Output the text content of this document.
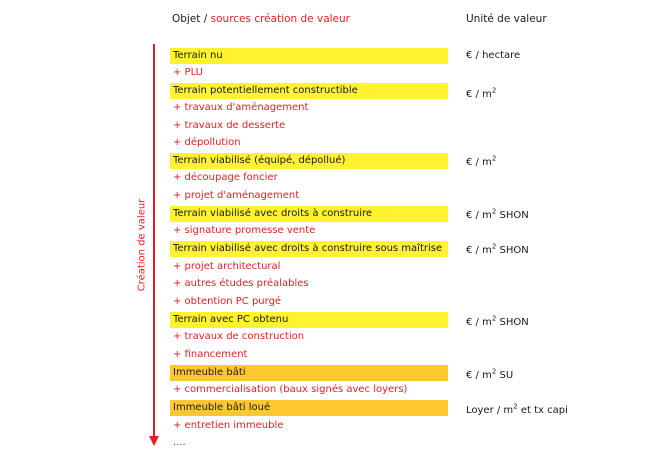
Objet / sources création de valeur	Unité de valeur
Création de valeur
Terrain nu
Terrain potentiellement constructible
Terrain viabilisé (équipé, dépollué)
Terrain viabilisé avec droits à construire
Terrain viabilisé avec droits à construire sous maîtrise
Terrain avec PC obtenu
Immeuble bâti
Immeuble bâti loué
+ PLU
+ travaux d'aménagement
+ travaux de desserte
+ dépollution
+ découpage foncier
+ projet d'aménagement
+ signature promesse vente
+ projet architectural
+ autres études préalables
+ obtention PC purgé
+ travaux de construction
+ financement
+ commercialisation (baux signés avec loyers)
+ entretien immeuble
....
€ / hectare
€ / $m^2$
€ / $m^2$
€ / $m^2$ SHON
€ / $m^2$ SHON
€ / $m^2$ SHON
€ / $m^2$ SU
Loyer / $m^2$ et tx capi
